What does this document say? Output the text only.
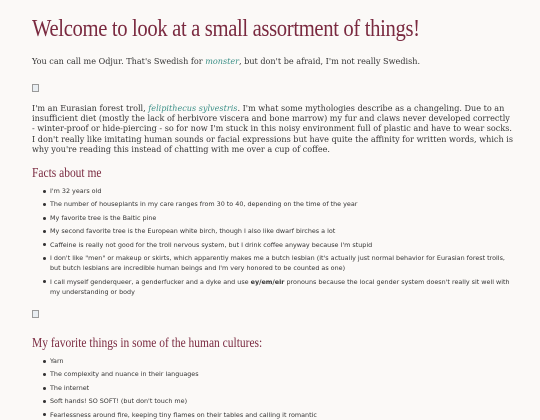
Welcome to look at a small assortment of things!

You can call me Odjur. That's Swedish for monster, but don't be afraid, I'm not really Swedish.

I'm an Eurasian forest troll, felipithecus sylvestris. I'm what some mythologies describe as a changeling. Due to an insufficient diet (mostly the lack of herbivore viscera and bone marrow) my fur and claws never developed correctly - winter-proof or hide-piercing - so for now I'm stuck in this noisy environment full of plastic and have to wear socks. I don't really like imitating human sounds or facial expressions but have quite the affinity for written words, which is why you're reading this instead of chatting with me over a cup of coffee.

Facts about me
I'm 32 years old
The number of houseplants in my care ranges from 30 to 40, depending on the time of the year
My favorite tree is the Baltic pine
My second favorite tree is the European white birch, though I also like dwarf birches a lot
Caffeine is really not good for the troll nervous system, but I drink coffee anyway because I'm stupid
I don't like "men" or makeup or skirts, which apparently makes me a butch lesbian (it's actually just normal behavior for Eurasian forest trolls, but butch lesbians are incredible human beings and I'm very honored to be counted as one)
I call myself genderqueer, a genderfucker and a dyke and use ey/em/eir pronouns because the local gender system doesn't really sit well with my understanding or body
My favorite things in some of the human cultures:
Yarn
The complexity and nuance in their languages
The internet
Soft hands! SO SOFT! (but don't touch me)
Fearlessness around fire, keeping tiny flames on their tables and calling it romantic
